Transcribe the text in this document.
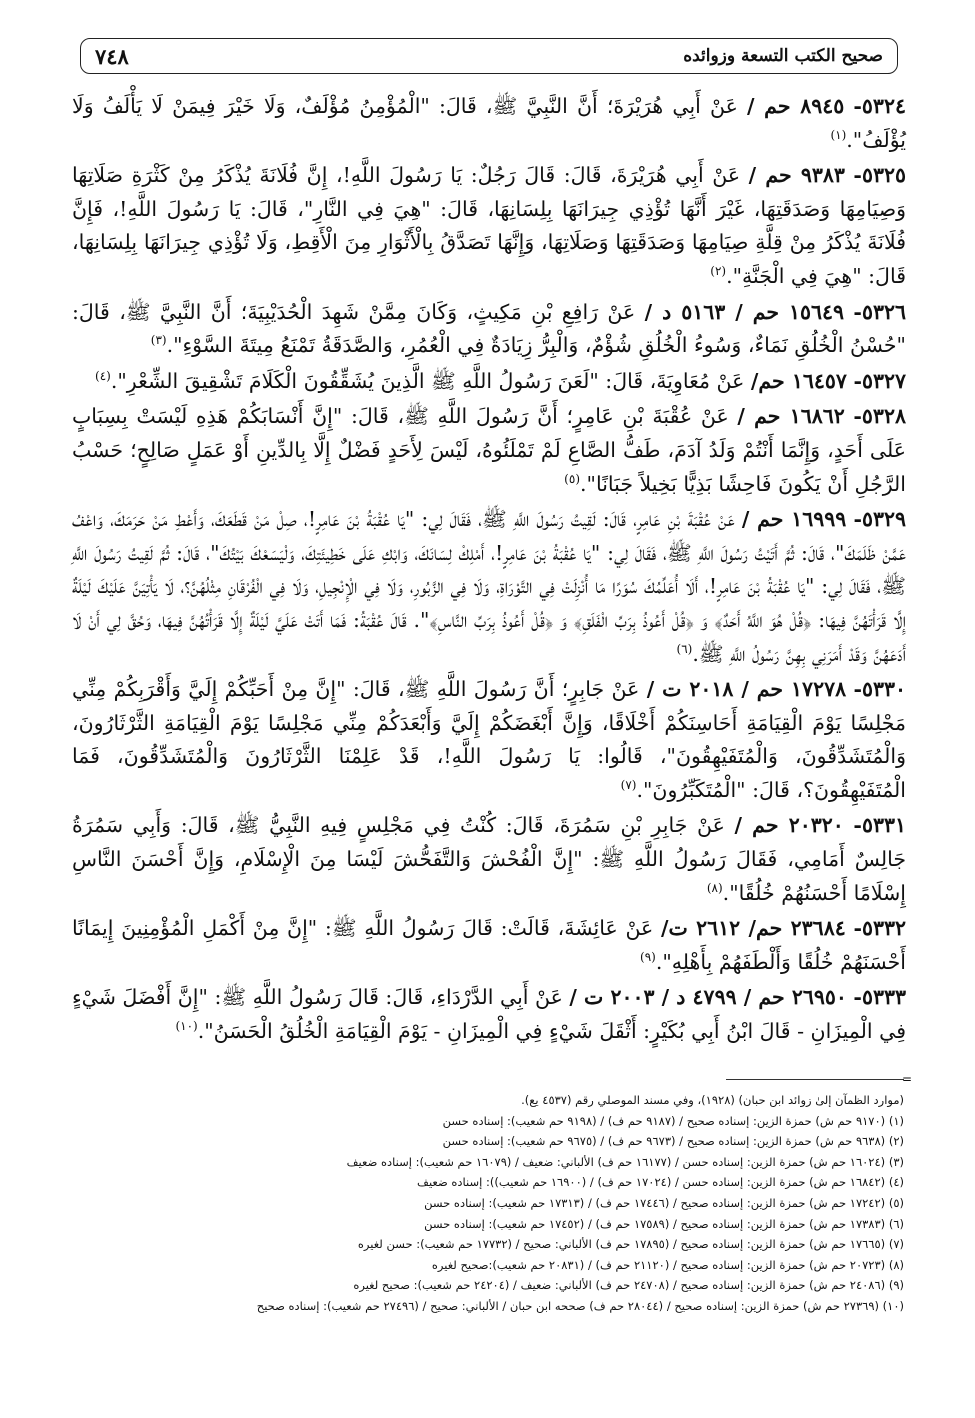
صحيح الكتب التسعة وزوائده
٧٤٨

٥٣٢٤- ٨٩٤٥ حم / عَنْ أَبِي هُرَيْرَةَ؛ أَنَّ النَّبِيَّ ﷺ، قَالَ: "الْمُؤْمِنُ مُؤْلَفٌ، وَلَا خَيْرَ فِيمَنْ لَا يَأْلَفُ وَلَا يُؤْلَفُ".$^{(١)}$

٥٣٢٥- ٩٣٨٣ حم / عَنْ أَبِي هُرَيْرَةَ، قَالَ: قَالَ رَجُلٌ: يَا رَسُولَ اللَّهِ!، إِنَّ فُلَانَةَ يُذْكَرُ مِنْ كَثْرَةِ صَلَاتِهَا وَصِيَامِهَا وَصَدَقَتِهَا، غَيْرَ أَنَّهَا تُؤْذِي جِيرَانَهَا بِلِسَانِهَا، قَالَ: "هِيَ فِي النَّارِ"، قَالَ: يَا رَسُولَ اللَّهِ!، فَإِنَّ فُلَانَةَ يُذْكَرُ مِنْ قِلَّةِ صِيَامِهَا وَصَدَقَتِهَا وَصَلَاتِهَا، وَإِنَّهَا تَصَدَّقُ بِالْأَثْوَارِ مِنَ الْأَقِطِ، وَلَا تُؤْذِي جِيرَانَهَا بِلِسَانِهَا، قَالَ: "هِيَ فِي الْجَنَّةِ".$^{(٢)}$

٥٣٢٦- ١٥٦٤٩ حم / ٥١٦٣ د / عَنْ رَافِعِ بْنِ مَكِيثٍ، وَكَانَ مِمَّنْ شَهِدَ الْحُدَيْبِيَةَ؛ أَنَّ النَّبِيَّ ﷺ، قَالَ: "حُسْنُ الْخُلُقِ نَمَاءٌ، وَسُوءُ الْخُلُقِ شُؤْمٌ، وَالْبِرُّ زِيَادَةٌ فِي الْعُمُرِ، وَالصَّدَقَةُ تَمْنَعُ مِيتَةَ السَّوْءِ".$^{(٣)}$

٥٣٢٧- ١٦٤٥٧ حم/ عَنْ مُعَاوِيَةَ، قَالَ: "لَعَنَ رَسُولُ اللَّهِ ﷺ الَّذِينَ يُشَقِّقُونَ الْكَلَامَ تَشْقِيقَ الشِّعْرِ".$^{(٤)}$

٥٣٢٨- ١٦٨٦٢ حم / عَنْ عُقْبَةَ بْنِ عَامِرٍ؛ أَنَّ رَسُولَ اللَّهِ ﷺ، قَالَ: "إِنَّ أَنْسَابَكُمْ هَذِهِ لَيْسَتْ بِسِبَابٍ عَلَى أَحَدٍ، وَإِنَّمَا أَنْتُمْ وَلَدُ آدَمَ، طَفُّ الصَّاعِ لَمْ تَمْلَئُوهُ، لَيْسَ لِأَحَدٍ فَضْلٌ إِلَّا بِالدِّينِ أَوْ عَمَلٍ صَالِحٍ؛ حَسْبُ الرَّجُلِ أَنْ يَكُونَ فَاحِشًا بَذِيًّا بَخِيلاً جَبَانًا".$^{(٥)}$

٥٣٢٩- ١٦٩٩٩ حم / عَنْ عُقْبَةَ بْنِ عَامِرٍ، قَالَ: لَقِيتُ رَسُولَ اللَّهِ ﷺ، فَقَالَ لِي: "يَا عُقْبَةُ بْنَ عَامِرٍ!، صِلْ مَنْ قَطَعَكَ، وَأَعْطِ مَنْ حَرَمَكَ، وَاعْفُ عَمَّنْ ظَلَمَكَ"، قَالَ: ثُمَّ أَتَيْتُ رَسُولَ اللَّهِ ﷺ، فَقَالَ لِي: "يَا عُقْبَةُ بْنَ عَامِرٍ!، أَمْلِكْ لِسَانَكَ، وَابْكِ عَلَى خَطِيئَتِكَ، وَلْيَسَعْكَ بَيْتُكَ"، قَالَ: ثُمَّ لَقِيتُ رَسُولَ اللَّهِ ﷺ، فَقَالَ لِي: "يَا عُقْبَةُ بْنَ عَامِرٍ!، أَلَا أُعَلِّمُكَ سُوَرًا مَا أُنْزِلَتْ فِي التَّوْرَاةِ، وَلَا فِي الزَّبُورِ، وَلَا فِي الْإِنْجِيلِ، وَلَا فِي الْفُرْقَانِ مِثْلُهُنَّ؟، لَا يَأْتِيَنَّ عَلَيْكَ لَيْلَةٌ إِلَّا قَرَأْتَهُنَّ فِيهَا: ﴿قُلْ هُوَ اللَّهُ أَحَدٌ﴾ وَ ﴿قُلْ أَعُوذُ بِرَبِّ الْفَلَقِ﴾ وَ ﴿قُلْ أَعُوذُ بِرَبِّ النَّاسِ﴾". قَالَ عُقْبَةُ: فَمَا أَتَتْ عَلَيَّ لَيْلَةٌ إِلَّا قَرَأْتُهُنَّ فِيهَا، وَحُقَّ لِي أَنْ لَا أَدَعَهُنَّ وَقَدْ أَمَرَنِي بِهِنَّ رَسُولُ اللَّهِ ﷺ.$^{(٦)}$

٥٣٣٠- ١٧٢٧٨ حم / ٢٠١٨ ت / عَنْ جَابِرٍ؛ أَنَّ رَسُولَ اللَّهِ ﷺ، قَالَ: "إِنَّ مِنْ أَحَبِّكُمْ إِلَيَّ وَأَقْرَبِكُمْ مِنِّي مَجْلِسًا يَوْمَ الْقِيَامَةِ أَحَاسِنَكُمْ أَخْلَاقًا، وَإِنَّ أَبْغَضَكُمْ إِلَيَّ وَأَبْعَدَكُمْ مِنِّي مَجْلِسًا يَوْمَ الْقِيَامَةِ الثَّرْثَارُونَ، وَالْمُتَشَدِّقُونَ، وَالْمُتَفَيْهِقُونَ"، قَالُوا: يَا رَسُولَ اللَّهِ!، قَدْ عَلِمْنَا الثَّرْثَارُونَ وَالْمُتَشَدِّقُونَ، فَمَا الْمُتَفَيْهِقُونَ؟، قَالَ: "الْمُتَكَبِّرُونَ".$^{(٧)}$

٥٣٣١- ٢٠٣٢٠ حم / عَنْ جَابِرِ بْنِ سَمُرَةَ، قَالَ: كُنْتُ فِي مَجْلِسٍ فِيهِ النَّبِيُّ ﷺ، قَالَ: وَأَبِي سَمُرَةُ جَالِسٌ أَمَامِي، فَقَالَ رَسُولُ اللَّهِ ﷺ: "إِنَّ الْفُحْشَ وَالتَّفَحُّشَ لَيْسَا مِنَ الْإِسْلَامِ، وَإِنَّ أَحْسَنَ النَّاسِ إِسْلَامًا أَحْسَنُهُمْ خُلُقًا".$^{(٨)}$

٥٣٣٢- ٢٣٦٨٤ حم/ ٢٦١٢ ت/ عَنْ عَائِشَةَ، قَالَتْ: قَالَ رَسُولُ اللَّهِ ﷺ: "إِنَّ مِنْ أَكْمَلِ الْمُؤْمِنِينَ إِيمَانًا أَحْسَنَهُمْ خُلُقًا وَأَلْطَفَهُمْ بِأَهْلِهِ".$^{(٩)}$

٥٣٣٣- ٢٦٩٥٠ حم / ٤٧٩٩ د / ٢٠٠٣ ت / عَنْ أَبِي الدَّرْدَاءِ، قَالَ: قَالَ رَسُولُ اللَّهِ ﷺ: "إِنَّ أَفْضَلَ شَيْءٍ فِي الْمِيزَانِ - قَالَ ابْنُ أَبِي بُكَيْرٍ: أَثْقَلَ شَيْءٍ فِي الْمِيزَانِ - يَوْمَ الْقِيَامَةِ الْخُلُقُ الْحَسَنُ".$^{(١٠)}$

=
(موارد الظمآن إلىٰ زوائد ابن حبان) (١٩٢٨)، وفي مسند الموصلي رقم (٤٥٣٧ يع).
(١) (٩١٧٠ حم ش) حمزة الزين: إسناده صحيح / (٩١٨٧ حم ف) / (٩١٩٨ حم شعيب): إسناده حسن
(٢) (٩٦٣٨ حم ش) حمزة الزين: إسناده صحيح / (٩٦٧٣ حم ف) / (٩٦٧٥ حم شعيب): إسناده حسن
(٣) (١٦٠٢٤ حم ش) حمزة الزين: إسناده حسن / (١٦١٧٧ حم ف) الألباني: ضعيف / (١٦٠٧٩ حم شعيب): إسناده ضعيف
(٤) (١٦٨٤٢ حم ش) حمزة الزين: إسناده حسن / (١٧٠٢٤ حم ف) / (١٦٩٠٠ حم شعيب)): إسناده ضعيف
(٥) (١٧٢٤٢ حم ش) حمزة الزين: إسناده صحيح / (١٧٤٤٦ حم ف) / (١٧٣١٣ حم شعيب): إسناده حسن
(٦) (١٧٣٨٣ حم ش) حمزة الزين: إسناده صحيح / (١٧٥٨٩ حم ف) / (١٧٤٥٢ حم شعيب): إسناده حسن
(٧) (١٧٦٦٥ حم ش) حمزة الزين: إسناده صحيح / (١٧٨٩٥ حم ف) الألباني: صحيح / (١٧٧٣٢ حم شعيب): حسن لغيره
(٨) (٢٠٧٢٣ حم ش) حمزة الزين: إسناده صحيح / (٢١١٢٠ حم ف) / (٢٠٨٣١ حم شعيب):صحيح لغيره
(٩) (٢٤٠٨٦ حم ش) حمزة الزين: إسناده صحيح / (٢٤٧٠٨ حم ف) الألباني: ضعيف / (٢٤٢٠٤ حم شعيب): صحيح لغيره
(١٠) (٢٧٣٦٩ حم ش) حمزة الزين: إسناده صحيح / (٢٨٠٤٤ حم ف) صححه ابن حبان / الألباني: صحيح / (٢٧٤٩٦ حم شعيب): إسناده صحيح
